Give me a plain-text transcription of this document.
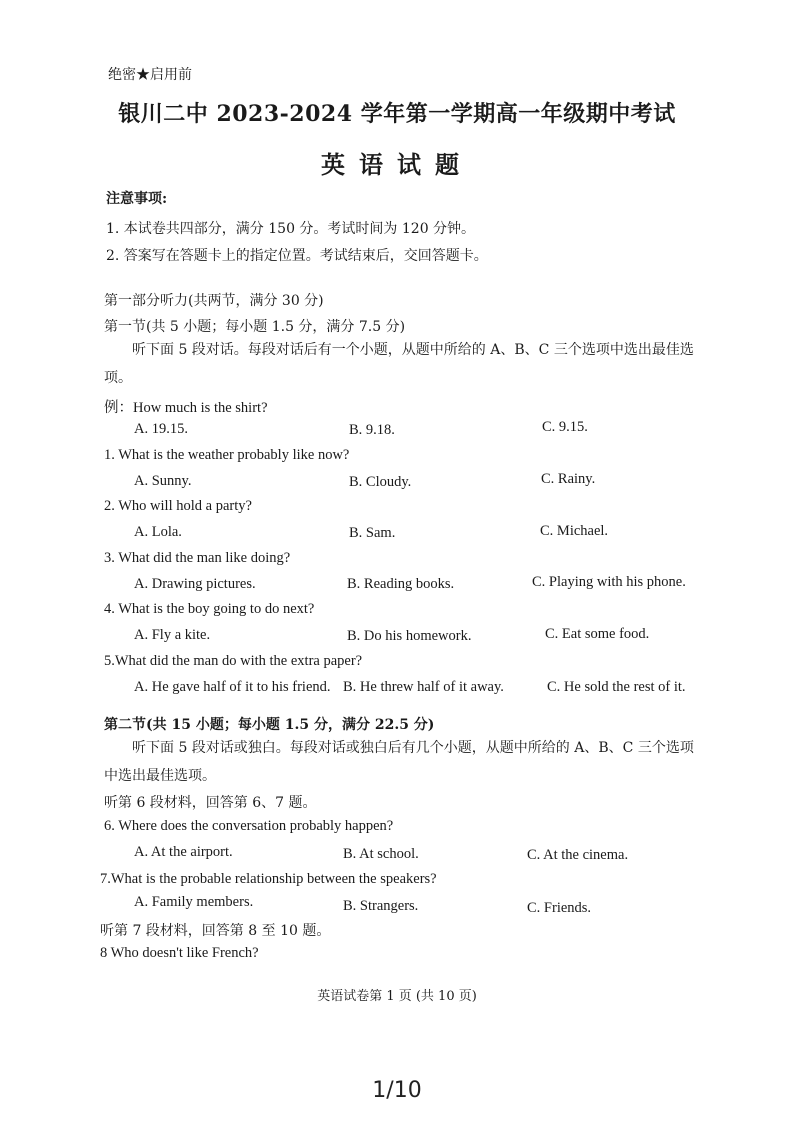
绝密★启用前
银川二中 2023-2024 学年第一学期高一年级期中考试
英语试题
注意事项:
1. 本试卷共四部分，满分 150 分。考试时间为 120 分钟。
2. 答案写在答题卡上的指定位置。考试结束后，交回答题卡。
第一部分听力(共两节，满分 30 分)
第一节(共 5 小题；每小题 1.5 分，满分 7.5 分)
听下面 5 段对话。每段对话后有一个小题，从题中所给的 A、B、C 三个选项中选出最佳选项。
例：How much is the shirt?
A. 19.15.	B. 9.18.	C. 9.15.
1. What is the weather probably like now?
A. Sunny.	B. Cloudy.	C. Rainy.
2. Who will hold a party?
A. Lola.	B. Sam.	C. Michael.
3. What did the man like doing?
A. Drawing pictures.	B. Reading books.	C. Playing with his phone.
4. What is the boy going to do next?
A. Fly a kite.	B. Do his homework.	C. Eat some food.
5.What did the man do with the extra paper?
A. He gave half of it to his friend. B. He threw half of it away.	C. He sold the rest of it.
第二节(共 15 小题；每小题 1.5 分，满分 22.5 分)
听下面 5 段对话或独白。每段对话或独白后有几个小题，从题中所给的 A、B、C 三个选项中选出最佳选项。
听第 6 段材料，回答第 6、7 题。
6. Where does the conversation probably happen?
A. At the airport.	B. At school.	C. At the cinema.
7.What is the probable relationship between the speakers?
A. Family members.	B. Strangers.	C. Friends.
听第 7 段材料，回答第 8 至 10 题。
8 Who doesn't like French?
英语试卷第 1 页 (共 10 页)
1/10
